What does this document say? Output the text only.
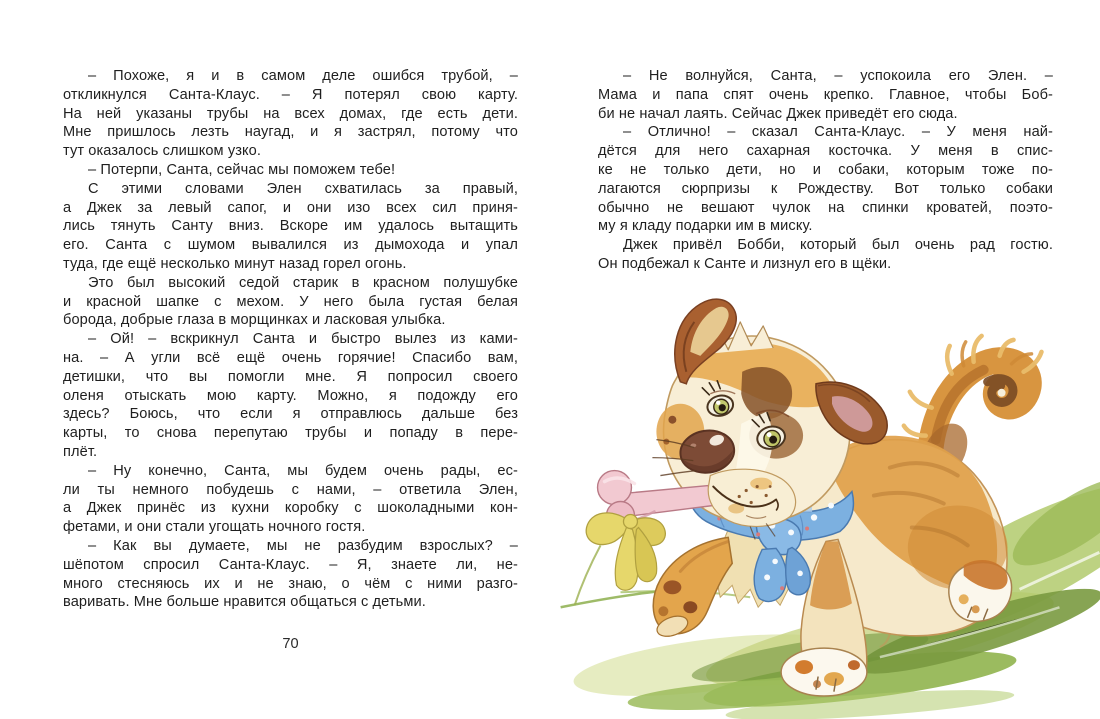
– Похоже, я и в самом деле ошибся трубой, –
откликнулся Санта-Клаус. – Я потерял свою карту.
На ней указаны трубы на всех домах, где есть дети.
Мне пришлось лезть наугад, и я застрял, потому что
тут оказалось слишком узко.
– Потерпи, Санта, сейчас мы поможем тебе!
С этими словами Элен схватилась за правый,
а Джек за левый сапог, и они изо всех сил приня-
лись тянуть Санту вниз. Вскоре им удалось вытащить
его. Санта с шумом вывалился из дымохода и упал
туда, где ещё несколько минут назад горел огонь.
Это был высокий седой старик в красном полушубке
и красной шапке с мехом. У него была густая белая
борода, добрые глаза в морщинках и ласковая улыбка.
– Ой! – вскрикнул Санта и быстро вылез из ками-
на. – А угли всё ещё очень горячие! Спасибо вам,
детишки, что вы помогли мне. Я попросил своего
оленя отыскать мою карту. Можно, я подожду его
здесь? Боюсь, что если я отправлюсь дальше без
карты, то снова перепутаю трубы и попаду в пере-
плёт.
– Ну конечно, Санта, мы будем очень рады, ес-
ли ты немного побудешь с нами, – ответила Элен,
а Джек принёс из кухни коробку с шоколадными кон-
фетами, и они стали угощать ночного гостя.
– Как вы думаете, мы не разбудим взрослых? –
шёпотом спросил Санта-Клаус. – Я, знаете ли, не-
много стесняюсь их и не знаю, о чём с ними разго-
варивать. Мне больше нравится общаться с детьми.
70
– Не волнуйся, Санта, – успокоила его Элен. –
Мама и папа спят очень крепко. Главное, чтобы Боб-
би не начал лаять. Сейчас Джек приведёт его сюда.
– Отлично! – сказал Санта-Клаус. – У меня най-
дётся для него сахарная косточка. У меня в спис-
ке не только дети, но и собаки, которым тоже по-
лагаются сюрпризы к Рождеству. Вот только собаки
обычно не вешают чулок на спинки кроватей, поэто-
му я кладу подарки им в миску.
Джек привёл Бобби, который был очень рад гостю.
Он подбежал к Санте и лизнул его в щёки.
